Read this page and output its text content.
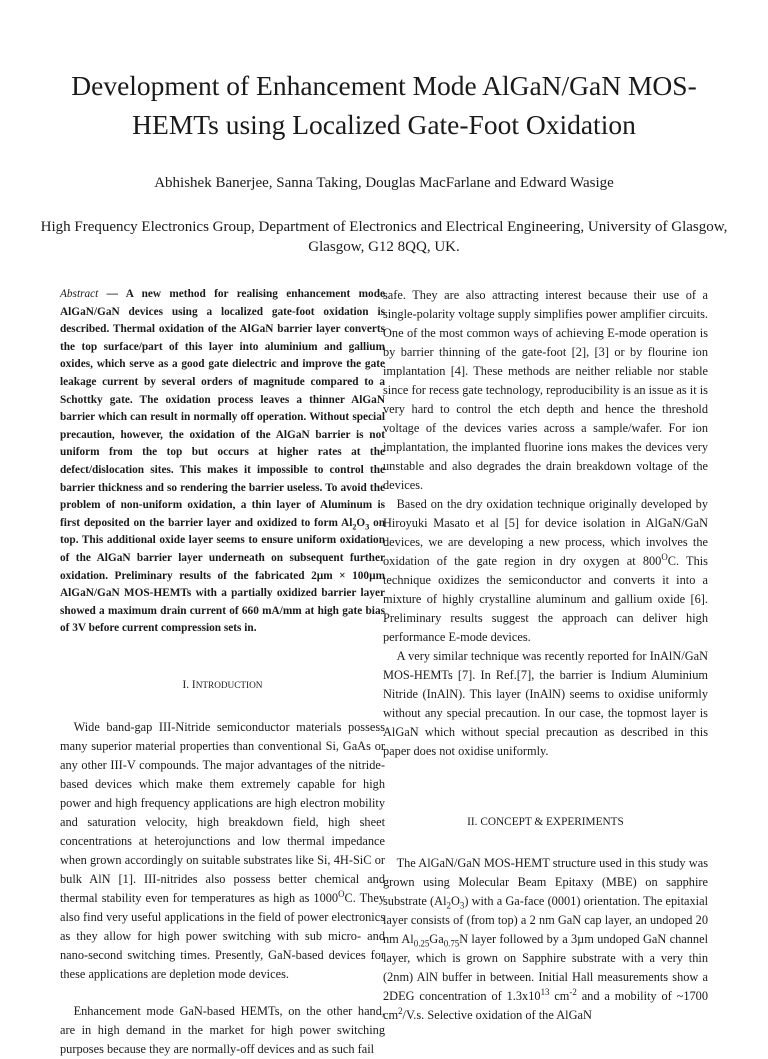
Development of Enhancement Mode AlGaN/GaN MOS-HEMTs using Localized Gate-Foot Oxidation
Abhishek Banerjee, Sanna Taking, Douglas MacFarlane and Edward Wasige
High Frequency Electronics Group, Department of Electronics and Electrical Engineering, University of Glasgow, Glasgow, G12 8QQ, UK.

Abstract — A new method for realising enhancement mode AlGaN/GaN devices using a localized gate-foot oxidation is described. Thermal oxidation of the AlGaN barrier layer converts the top surface/part of this layer into aluminium and gallium oxides, which serve as a good gate dielectric and improve the gate leakage current by several orders of magnitude compared to a Schottky gate. The oxidation process leaves a thinner AlGaN barrier which can result in normally off operation. Without special precaution, however, the oxidation of the AlGaN barrier is not uniform from the top but occurs at higher rates at the defect/dislocation sites. This makes it impossible to control the barrier thickness and so rendering the barrier useless. To avoid the problem of non-uniform oxidation, a thin layer of Aluminum is first deposited on the barrier layer and oxidized to form $Al_2O_3$ on top. This additional oxide layer seems to ensure uniform oxidation of the AlGaN barrier layer underneath on subsequent further oxidation. Preliminary results of the fabricated 2µm × 100µm AlGaN/GaN MOS-HEMTs with a partially oxidized barrier layer showed a maximum drain current of 660 mA/mm at high gate bias of 3V before current compression sets in.

I. INTRODUCTION

Wide band-gap III-Nitride semiconductor materials possess many superior material properties than conventional Si, GaAs or any other III-V compounds. The major advantages of the nitride-based devices which make them extremely capable for high power and high frequency applications are high electron mobility and saturation velocity, high breakdown field, high sheet concentrations at heterojunctions and low thermal impedance when grown accordingly on suitable substrates like Si, 4H-SiC or bulk AlN [1]. III-nitrides also possess better chemical and thermal stability even for temperatures as high as $1000^OC$. They also find very useful applications in the field of power electronics as they allow for high power switching with sub micro- and nano-second switching times. Presently, GaN-based devices for these applications are depletion mode devices.

Enhancement mode GaN-based HEMTs, on the other hand, are in high demand in the market for high power switching purposes because they are normally-off devices and as such fail

safe. They are also attracting interest because their use of a single-polarity voltage supply simplifies power amplifier circuits. One of the most common ways of achieving E-mode operation is by barrier thinning of the gate-foot [2], [3] or by flourine ion implantation [4]. These methods are neither reliable nor stable since for recess gate technology, reproducibility is an issue as it is very hard to control the etch depth and hence the threshold voltage of the devices varies across a sample/wafer. For ion implantation, the implanted fluorine ions makes the devices very unstable and also degrades the drain breakdown voltage of the devices.

Based on the dry oxidation technique originally developed by Hiroyuki Masato et al [5] for device isolation in AlGaN/GaN devices, we are developing a new process, which involves the oxidation of the gate region in dry oxygen at $800^OC$. This technique oxidizes the semiconductor and converts it into a mixture of highly crystalline aluminum and gallium oxide [6]. Preliminary results suggest the approach can deliver high performance E-mode devices.

A very similar technique was recently reported for InAlN/GaN MOS-HEMTs [7]. In Ref.[7], the barrier is Indium Aluminium Nitride (InAlN). This layer (InAlN) seems to oxidise uniformly without any special precaution. In our case, the topmost layer is AlGaN which without special precaution as described in this paper does not oxidise uniformly.

II. CONCEPT & EXPERIMENTS

The AlGaN/GaN MOS-HEMT structure used in this study was grown using Molecular Beam Epitaxy (MBE) on sapphire substrate $(Al_2O_3)$ with a Ga-face (0001) orientation. The epitaxial layer consists of (from top) a 2 nm GaN cap layer, an undoped 20 nm $Al_{0.25}Ga_{0.75}N$ layer followed by a 3µm undoped GaN channel layer, which is grown on Sapphire substrate with a very thin (2nm) AlN buffer in between. Initial Hall measurements show a 2DEG concentration of $1.3x10^{13}$ $cm^{-2}$ and a mobility of ~1700 $cm^2/V.s$. Selective oxidation of the AlGaN
